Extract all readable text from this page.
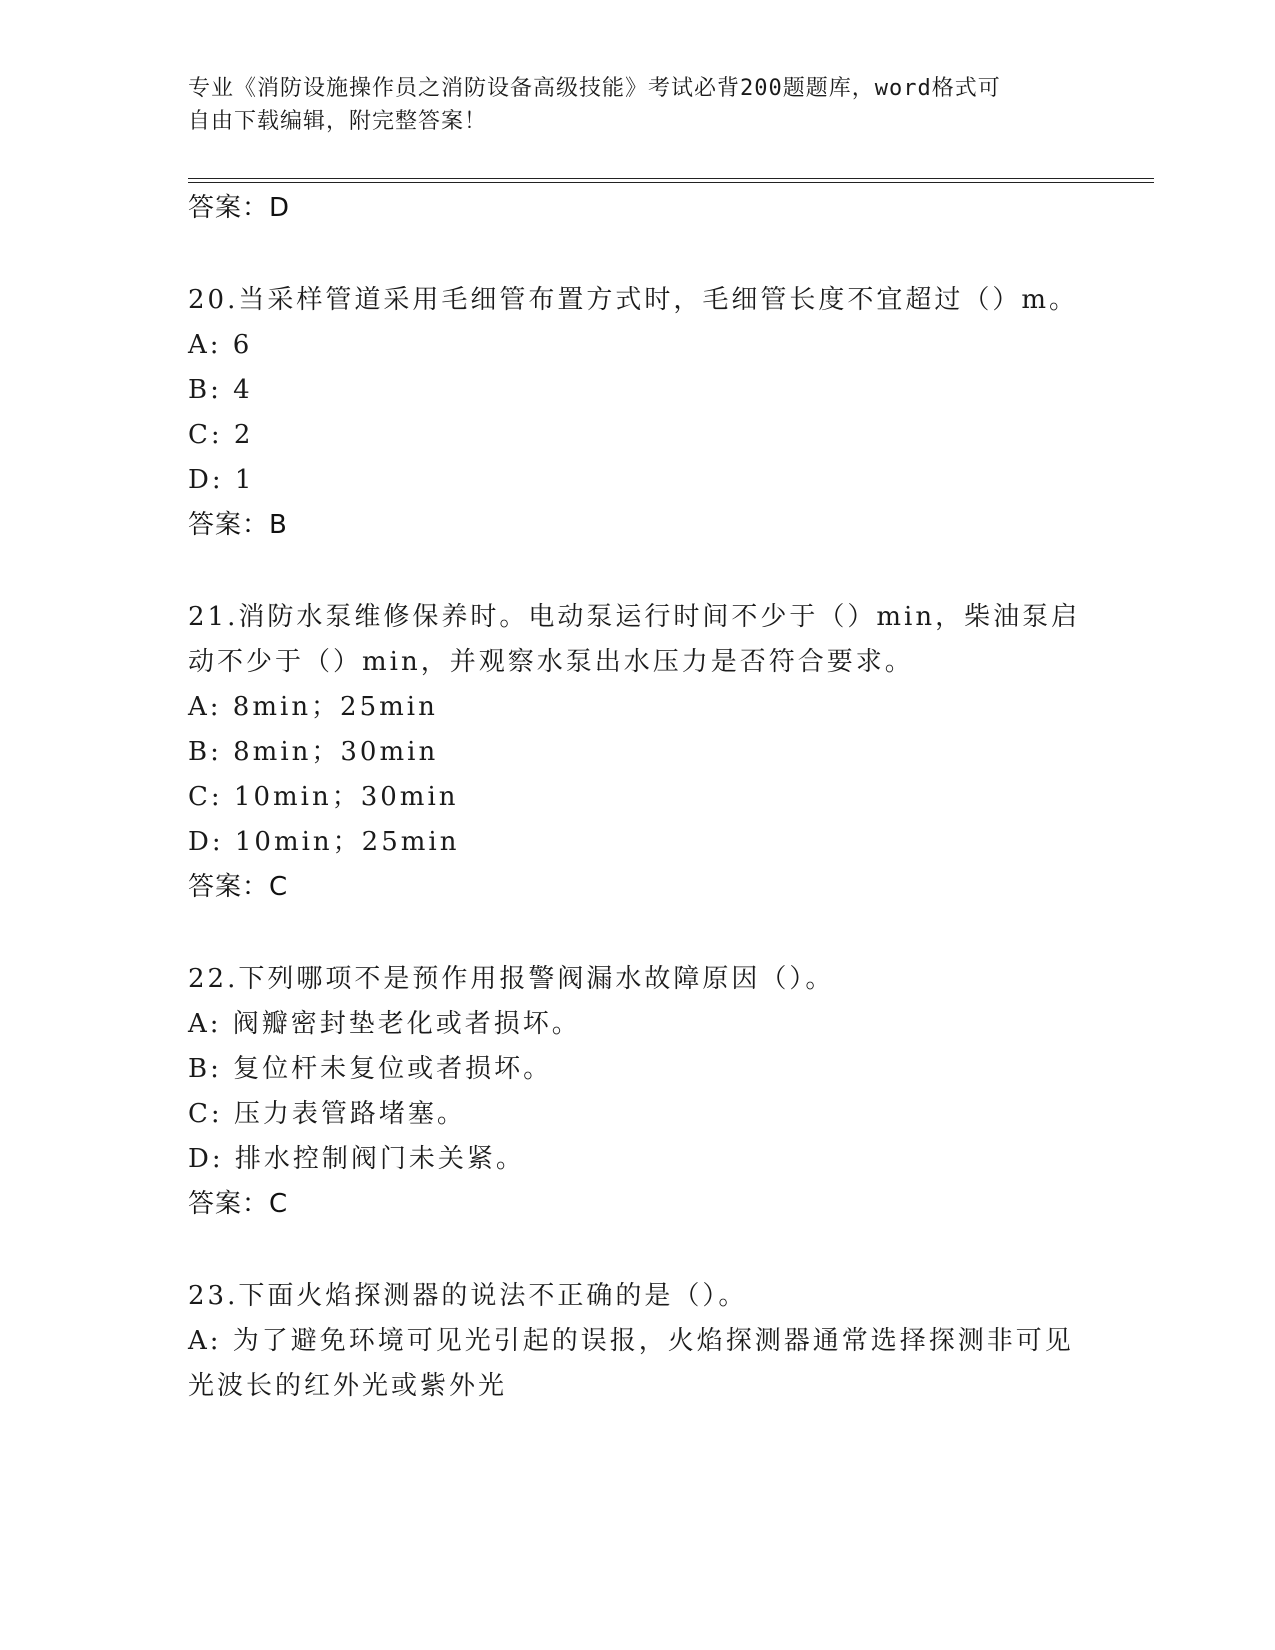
专业《消防设施操作员之消防设备高级技能》考试必背200题题库，word格式可
自由下载编辑，附完整答案！
答案：D
20.当采样管道采用毛细管布置方式时，毛细管长度不宜超过（）m。
A: 6
B: 4
C: 2
D: 1
答案：B
21.消防水泵维修保养时。电动泵运行时间不少于（）min，柴油泵启
动不少于（）min，并观察水泵出水压力是否符合要求。
A: 8min；25min
B: 8min；30min
C: 10min；30min
D: 10min；25min
答案：C
22.下列哪项不是预作用报警阀漏水故障原因（）。
A: 阀瓣密封垫老化或者损坏。
B: 复位杆未复位或者损坏。
C: 压力表管路堵塞。
D: 排水控制阀门未关紧。
答案：C
23.下面火焰探测器的说法不正确的是（）。
A: 为了避免环境可见光引起的误报，火焰探测器通常选择探测非可见
光波长的红外光或紫外光
